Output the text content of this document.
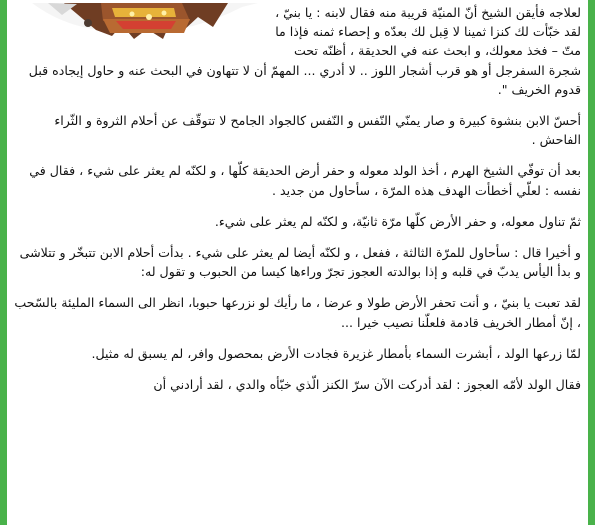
لعلاجه فأيقن الشيخ أنّ المنيّة قريبة منه فقال لابنه : يا بنيّ ، لقد خبّأت لك كنزا ثمينا لا قِبل لك بعدّه و إحصاء ثمنه فإذا ما متّ – فخذ معولك، و ابحث عنه في الحديقة ، أظنّه تحت شجرة السفرجل أو هو قرب أشجار اللوز .. لا أدري ... المهمّ أن لا تتهاون في البحث عنه و حاول إيجاده قبل قدوم الخريف ".

أحسّ الابن بنشوة كبيرة و صار يمنّي النّفس و النّفس كالجواد الجامح لا تتوقّف عن أحلام الثروة و الثّراء الفاحش .

بعد أن توفّي الشيخ الهرم ، أخذ الولد معوله و حفر أرض الحديقة كلّها ، و لكنّه لم يعثر على شيء ، فقال في نفسه : لعلّي أخطأت الهدف هذه المرّة ، سأحاول من جديد .

ثمّ تناول معوله، و حفر الأرض كلّها مرّة ثانيّة، و لكنّه لم يعثر على شيء.

و أخيرا قال : سأحاول للمرّة الثالثة ، ففعل ، و لكنّه أيضا لم يعثر على شيء . بدأت أحلام الابن تتبخّر و تتلاشى و بدأ اليأس يدبّ في قلبه و إذا بوالدته العجوز تجرّ وراءها كيسا من الحبوب و تقول له:

لقد تعبت يا بنيّ ، و أنت تحفر الأرض طولا و عرضا ، ما رأيك لو نزرعها حبوبا، انظر الى السماء المليئة بالسّحب ، إنّ أمطار الخريف قادمة فلعلّنا نصيب خيرا ...

لمّا زرعها الولد ، أبشرت السماء بأمطار غزيرة فجادت الأرض بمحصول وافر، لم يسبق له مثيل.

فقال الولد لأمّه العجوز : لقد أدركت الآن سرّ الكنز الّذي خبّأه والدي ، لقد أرادني أن
